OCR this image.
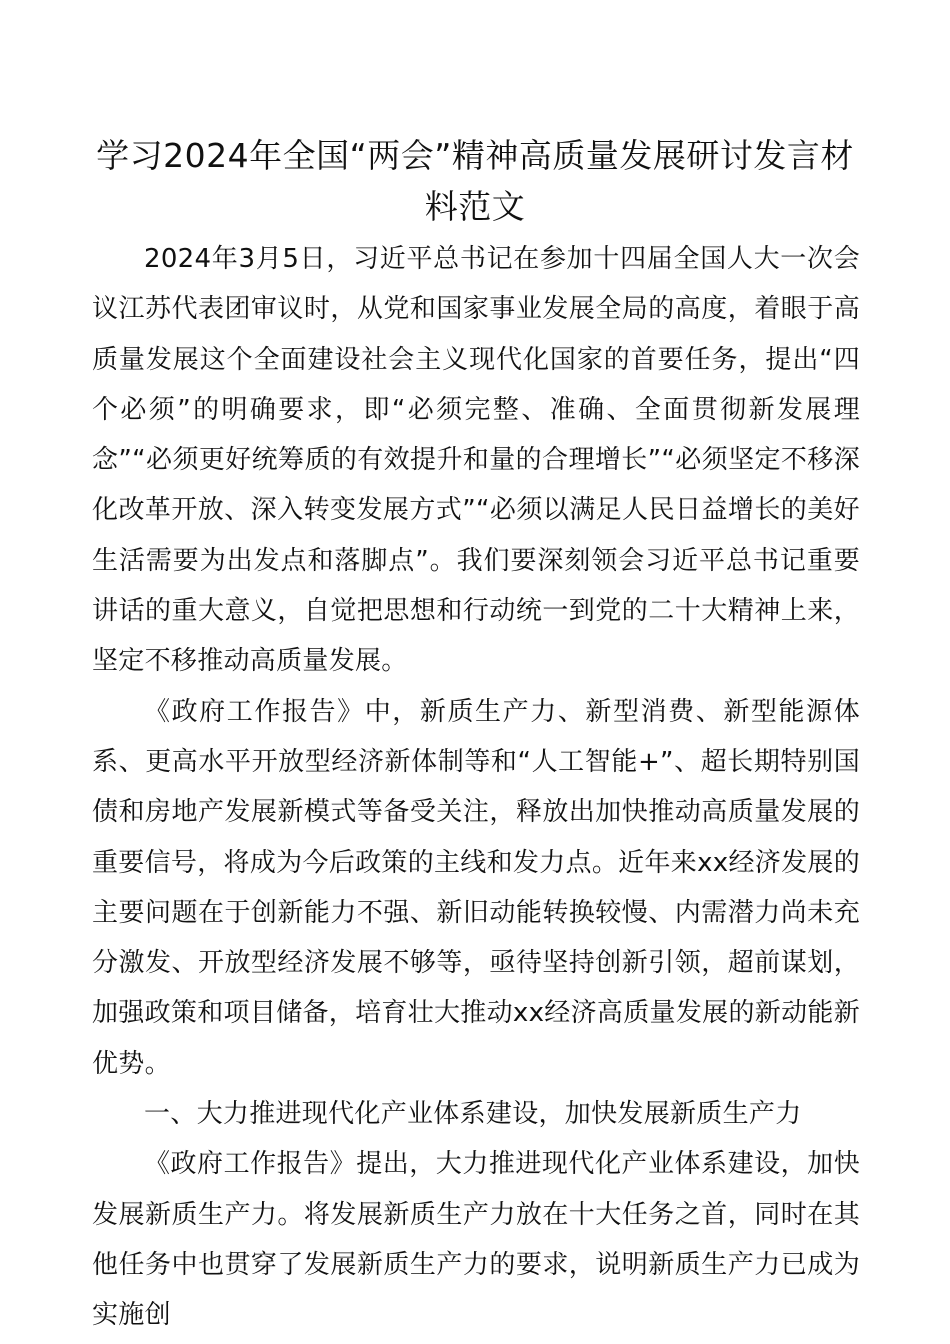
学习2024年全国“两会”精神高质量发展研讨发言材料范文

2024年3月5日，习近平总书记在参加十四届全国人大一次会议江苏代表团审议时，从党和国家事业发展全局的高度，着眼于高质量发展这个全面建设社会主义现代化国家的首要任务，提出“四个必须”的明确要求，即“必须完整、准确、全面贯彻新发展理念”“必须更好统筹质的有效提升和量的合理增长”“必须坚定不移深化改革开放、深入转变发展方式”“必须以满足人民日益增长的美好生活需要为出发点和落脚点”。我们要深刻领会习近平总书记重要讲话的重大意义，自觉把思想和行动统一到党的二十大精神上来，坚定不移推动高质量发展。

《政府工作报告》中，新质生产力、新型消费、新型能源体系、更高水平开放型经济新体制等和“人工智能+”、超长期特别国债和房地产发展新模式等备受关注，释放出加快推动高质量发展的重要信号，将成为今后政策的主线和发力点。近年来xx经济发展的主要问题在于创新能力不强、新旧动能转换较慢、内需潜力尚未充分激发、开放型经济发展不够等，亟待坚持创新引领，超前谋划，加强政策和项目储备，培育壮大推动xx经济高质量发展的新动能新优势。

一、大力推进现代化产业体系建设，加快发展新质生产力

《政府工作报告》提出，大力推进现代化产业体系建设，加快发展新质生产力。将发展新质生产力放在十大任务之首，同时在其他任务中也贯穿了发展新质生产力的要求，说明新质生产力已成为实施创
